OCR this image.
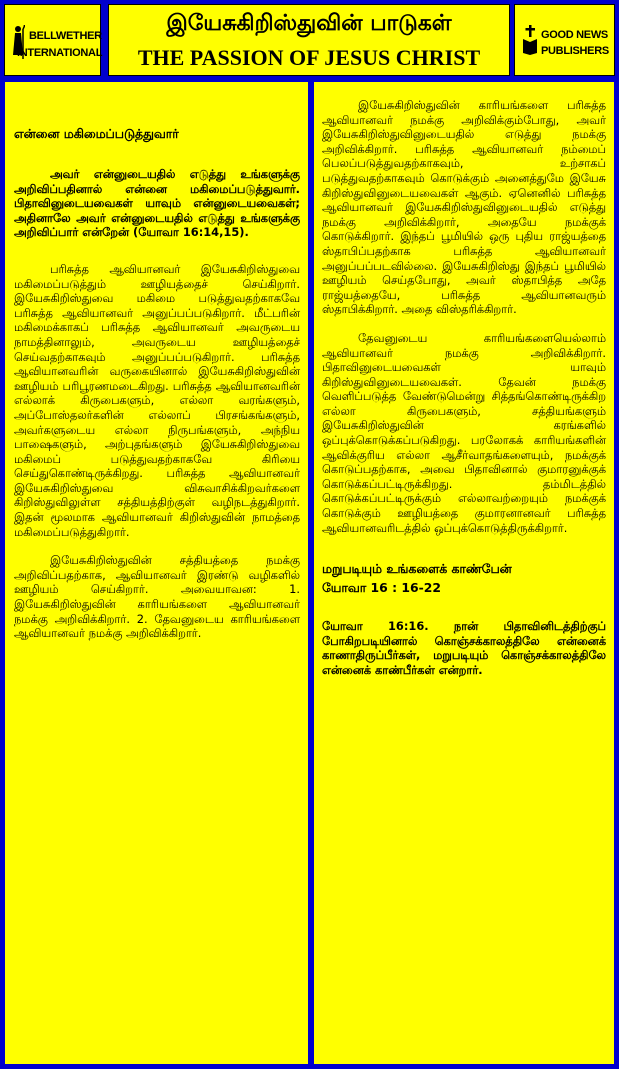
BELLWETHER
INTERNATIONAL
இயேசுகிறிஸ்துவின் பாடுகள்
THE PASSION OF JESUS CHRIST
GOOD NEWS
PUBLISHERS
என்னை மகிமைப்படுத்துவார்

அவர் என்னுடையதில் எடுத்து உங்களுக்கு அறிவிப்பதினால் என்னை மகிமைப்படுத்துவார். பிதாவினுடையவைகள் யாவும் என்னுடையவைகள்; அதினாலே அவர் என்னுடையதில் எடுத்து உங்களுக்கு அறிவிப்பார் என்றேன் (யோவா 16:14,15).

பரிசுத்த ஆவியானவர் இயேசுகிறிஸ்துவை மகிமைப்படுத்தும் ஊழியத்தைச் செய்கிறார். இயேசுகிறிஸ்துவை மகிமை படுத்துவதற்காகவே பரிசுத்த ஆவியானவர் அனுப்பப்படுகிறார். மீட்பரின் மகிமைக்காகப் பரிசுத்த ஆவியானவர் அவருடைய நாமத்தினாலும், அவருடைய ஊழியத்தைச் செய்வதற்காகவும் அனுப்பப்படுகிறார். பரிசுத்த ஆவியானவரின் வருகையினால் இயேசுகிறிஸ்துவின் ஊழியம் பரிபூரணமடைகிறது. பரிசுத்த ஆவியானவரின் எல்லாக் கிருபைகளும், எல்லா வரங்களும், அப்போஸ்தலர்களின் எல்லாப் பிரசங்கங்களும், அவர்களுடைய எல்லா நிருபங்களும், அந்நிய பாஷைகளும், அற்புதங்களும் இயேசுகிறிஸ்துவை மகிமைப் படுத்துவதற்காகவே கிரியை செய்துகொண்டிருக்கிறது. பரிசுத்த ஆவியானவர் இயேசுகிறிஸ்துவை விசுவாசிக்கிறவர்களை கிறிஸ்துவிலுள்ள சத்தியத்திற்குள் வழிநடத்துகிறார். இதன் மூலமாக ஆவியானவர் கிறிஸ்துவின் நாமத்தை மகிமைப்படுத்துகிறார்.

இயேசுகிறிஸ்துவின் சத்தியத்தை நமக்கு அறிவிப்பதற்காக, ஆவியானவர் இரண்டு வழிகளில் ஊழியம் செய்கிறார். அவையாவன: 1. இயேசுகிறிஸ்துவின் காரியங்களை ஆவியானவர் நமக்கு அறிவிக்கிறார். 2. தேவனுடைய காரியங்களை ஆவியானவர் நமக்கு அறிவிக்கிறார்.

இயேசுகிறிஸ்துவின் காரியங்களை பரிசுத்த ஆவியானவர் நமக்கு அறிவிக்கும்போது, அவர் இயேசுகிறிஸ்துவினுடையதில் எடுத்து நமக்கு அறிவிக்கிறார். பரிசுத்த ஆவியானவர் நம்மைப் பெலப்படுத்துவதற்காகவும், உற்சாகப் படுத்துவதற்காகவும் கொடுக்கும் அனைத்துமே இயேசு கிறிஸ்துவினுடையவைகள் ஆகும். ஏனெனில் பரிசுத்த ஆவியானவர் இயேசுகிறிஸ்துவினுடையதில் எடுத்து நமக்கு அறிவிக்கிறார், அதையே நமக்குக் கொடுக்கிறார். இந்தப் பூமியில் ஒரு புதிய ராஜ்யத்தை ஸ்தாபிப்பதற்காக பரிசுத்த ஆவியானவர் அனுப்பப்படவில்லை. இயேசுகிறிஸ்து இந்தப் பூமியில் ஊழியம் செய்தபோது, அவர் ஸ்தாபித்த அதே ராஜ்யத்தையே, பரிசுத்த ஆவியானவரும் ஸ்தாபிக்கிறார். அதை விஸ்தரிக்கிறார்.

தேவனுடைய காரியங்களையெல்லாம் ஆவியானவர் நமக்கு அறிவிக்கிறார். பிதாவினுடையவைகள் யாவும் கிறிஸ்துவினுடையவைகள். தேவன் நமக்கு வெளிப்படுத்த வேண்டுமென்று சித்தங்கொண்டிருக்கிற எல்லா கிருபைகளும், சத்தியங்களும் இயேசுகிறிஸ்துவின் கரங்களில் ஒப்புக்கொடுக்கப்படுகிறது. பரலோகக் காரியங்களின் ஆவிக்குரிய எல்லா ஆசீர்வாதங்களையும், நமக்குக் கொடுப்பதற்காக, அவை பிதாவினால் குமாரனுக்குக் கொடுக்கப்பட்டிருக்கிறது. தம்மிடத்தில் கொடுக்கப்பட்டிருக்கும் எல்லாவற்றையும் நமக்குக் கொடுக்கும் ஊழியத்தை குமாரனானவர் பரிசுத்த ஆவியானவரிடத்தில் ஒப்புக்கொடுத்திருக்கிறார்.

மறுபடியும் உங்களைக் காண்பேன்
யோவா 16 : 16-22

யோவா 16:16. நான் பிதாவினிடத்திற்குப் போகிறபடியினால் கொஞ்சக்காலத்திலே என்னைக் காணாதிருப்பீர்கள், மறுபடியும் கொஞ்சக்காலத்திலே என்னைக் காண்பீர்கள் என்றார்.
